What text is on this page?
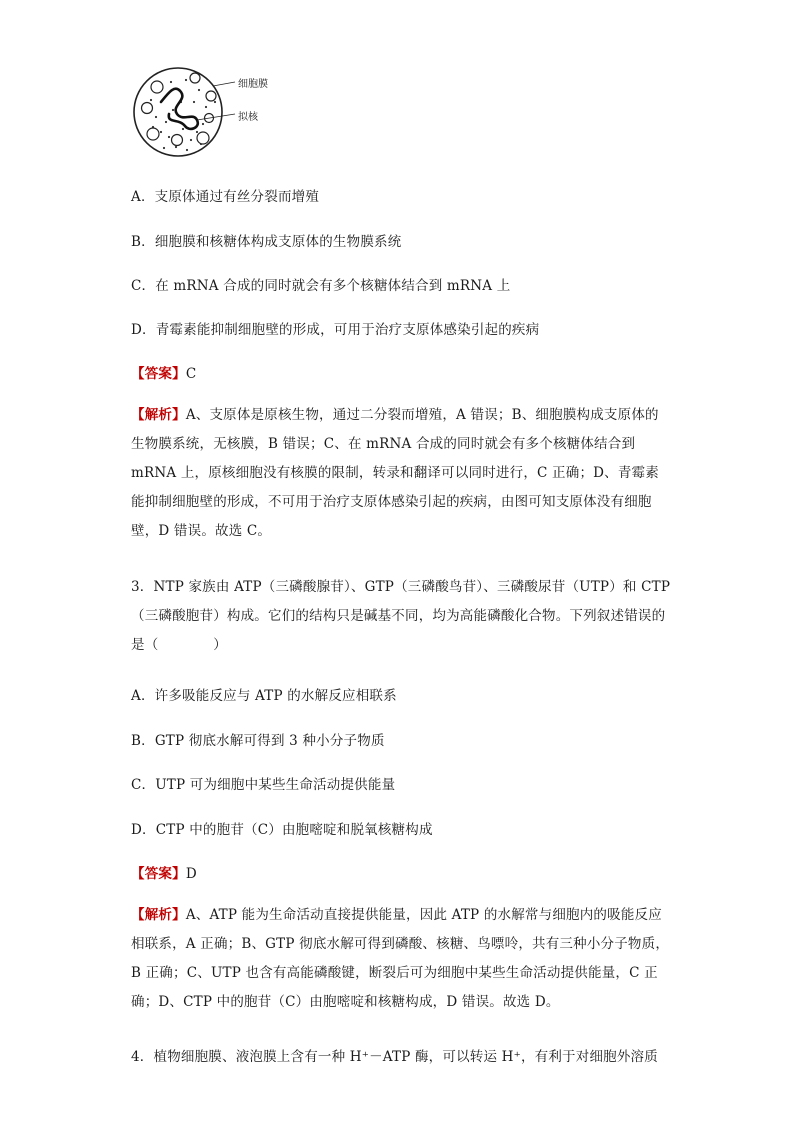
细胞膜
拟核
A．支原体通过有丝分裂而增殖
B．细胞膜和核糖体构成支原体的生物膜系统
C．在 mRNA 合成的同时就会有多个核糖体结合到 mRNA 上
D．青霉素能抑制细胞壁的形成，可用于治疗支原体感染引起的疾病
【答案】C
【解析】A、支原体是原核生物，通过二分裂而增殖，A 错误；B、细胞膜构成支原体的生物膜系统，无核膜，B 错误；C、在 mRNA 合成的同时就会有多个核糖体结合到 mRNA 上，原核细胞没有核膜的限制，转录和翻译可以同时进行，C 正确；D、青霉素能抑制细胞壁的形成，不可用于治疗支原体感染引起的疾病，由图可知支原体没有细胞壁，D 错误。故选 C。
3．NTP 家族由 ATP（三磷酸腺苷）、GTP（三磷酸鸟苷）、三磷酸尿苷（UTP）和 CTP（三磷酸胞苷）构成。它们的结构只是碱基不同，均为高能磷酸化合物。下列叙述错误的是（　　　　）
A．许多吸能反应与 ATP 的水解反应相联系
B．GTP 彻底水解可得到 3 种小分子物质
C．UTP 可为细胞中某些生命活动提供能量
D．CTP 中的胞苷（C）由胞嘧啶和脱氧核糖构成
【答案】D
【解析】A、ATP 能为生命活动直接提供能量，因此 ATP 的水解常与细胞内的吸能反应相联系，A 正确；B、GTP 彻底水解可得到磷酸、核糖、鸟嘌呤，共有三种小分子物质，B 正确；C、UTP 也含有高能磷酸键，断裂后可为细胞中某些生命活动提供能量，C 正确；D、CTP 中的胞苷（C）由胞嘧啶和核糖构成，D 错误。故选 D。
4．植物细胞膜、液泡膜上含有一种 H⁺－ATP 酶，可以转运 H⁺，有利于对细胞外溶质
